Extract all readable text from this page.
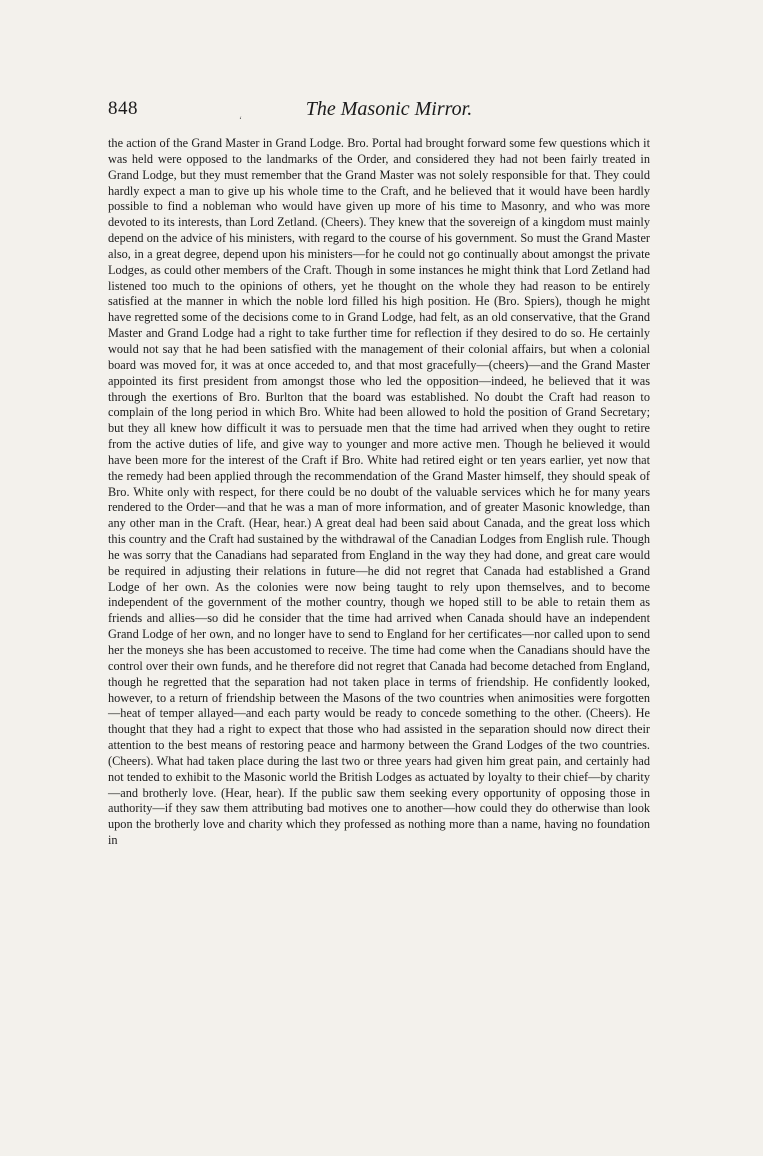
848
ʻ	The Masonic Mirror.

the action of the Grand Master in Grand Lodge. Bro. Portal had brought forward some few questions which it was held were opposed to the landmarks of the Order, and considered they had not been fairly treated in Grand Lodge, but they must remember that the Grand Master was not solely responsible for that. They could hardly expect a man to give up his whole time to the Craft, and he believed that it would have been hardly possible to find a nobleman who would have given up more of his time to Masonry, and who was more devoted to its interests, than Lord Zetland. (Cheers). They knew that the sovereign of a kingdom must mainly depend on the advice of his ministers, with regard to the course of his government. So must the Grand Master also, in a great degree, depend upon his ministers—for he could not go continually about amongst the private Lodges, as could other members of the Craft. Though in some instances he might think that Lord Zetland had listened too much to the opinions of others, yet he thought on the whole they had reason to be entirely satisfied at the manner in which the noble lord filled his high position. He (Bro. Spiers), though he might have regretted some of the decisions come to in Grand Lodge, had felt, as an old conservative, that the Grand Master and Grand Lodge had a right to take further time for reflection if they desired to do so. He certainly would not say that he had been satisfied with the management of their colonial affairs, but when a colonial board was moved for, it was at once acceded to, and that most gracefully—(cheers)—and the Grand Master appointed its first president from amongst those who led the opposition—indeed, he believed that it was through the exertions of Bro. Burlton that the board was established. No doubt the Craft had reason to complain of the long period in which Bro. White had been allowed to hold the position of Grand Secretary; but they all knew how difficult it was to persuade men that the time had arrived when they ought to retire from the active duties of life, and give way to younger and more active men. Though he believed it would have been more for the interest of the Craft if Bro. White had retired eight or ten years earlier, yet now that the remedy had been applied through the recommendation of the Grand Master himself, they should speak of Bro. White only with respect, for there could be no doubt of the valuable services which he for many years rendered to the Order—and that he was a man of more information, and of greater Masonic knowledge, than any other man in the Craft. (Hear, hear.) A great deal had been said about Canada, and the great loss which this country and the Craft had sustained by the withdrawal of the Canadian Lodges from English rule. Though he was sorry that the Canadians had separated from England in the way they had done, and great care would be required in adjusting their relations in future—he did not regret that Canada had established a Grand Lodge of her own. As the colonies were now being taught to rely upon themselves, and to become independent of the government of the mother country, though we hoped still to be able to retain them as friends and allies—so did he consider that the time had arrived when Canada should have an independent Grand Lodge of her own, and no longer have to send to England for her certificates—nor called upon to send her the moneys she has been accustomed to receive. The time had come when the Canadians should have the control over their own funds, and he therefore did not regret that Canada had become detached from England, though he regretted that the separation had not taken place in terms of friendship. He confidently looked, however, to a return of friendship between the Masons of the two countries when animosities were forgotten—heat of temper allayed—and each party would be ready to concede something to the other. (Cheers). He thought that they had a right to expect that those who had assisted in the separation should now direct their attention to the best means of restoring peace and harmony between the Grand Lodges of the two countries. (Cheers). What had taken place during the last two or three years had given him great pain, and certainly had not tended to exhibit to the Masonic world the British Lodges as actuated by loyalty to their chief—by charity—and brotherly love. (Hear, hear). If the public saw them seeking every opportunity of opposing those in authority—if they saw them attributing bad motives one to another—how could they do otherwise than look upon the brotherly love and charity which they professed as nothing more than a name, having no foundation in
